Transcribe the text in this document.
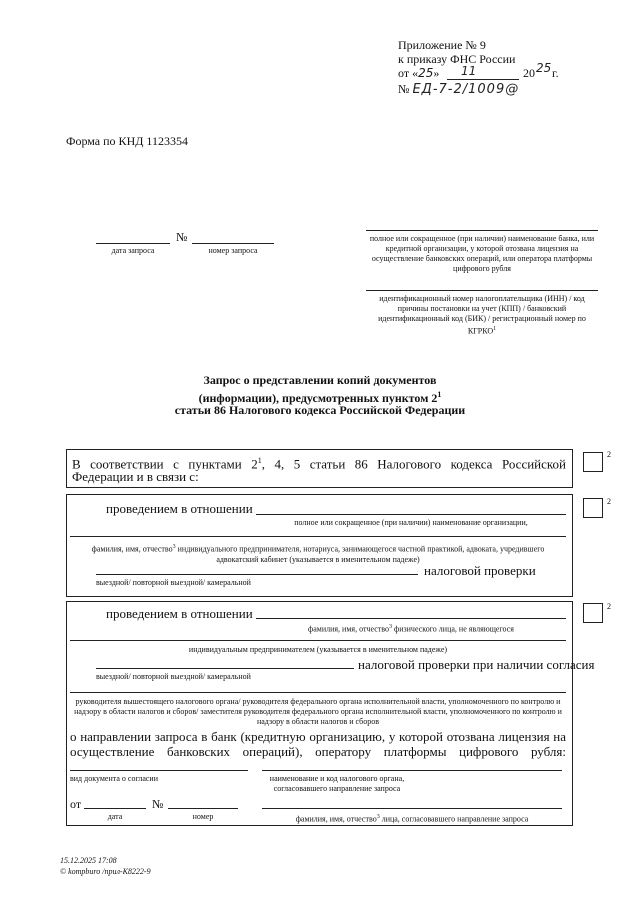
Приложение № 9
к приказу ФНС России
от «25» 11	20 25 г.
№ ЕД-7-2/1009@
Форма по КНД 1123354
№
дата запроса	номер запроса
полное или сокращенное (при наличии) наименование банка, или кредитной организации, у которой отозвана лицензия на осуществление банковских операций, или оператора платформы цифрового рубля
идентификационный номер налогоплательщика (ИНН) / код причины постановки на учет (КПП) / банковский идентификационный код (БИК) / регистрационный номер по КГРКО$^1$
Запрос о представлении копий документов
(информации), предусмотренных пунктом $2^1$
статьи 86 Налогового кодекса Российской Федерации
В соответствии с пунктами $2^1$, 4, 5 статьи 86 Налогового кодекса Российской
Федерации и в связи с:
2
проведением в отношении
полное или сокращенное (при наличии) наименование организации,
фамилия, имя, отчество$^3$ индивидуального предпринимателя, нотариуса, занимающегося частной практикой, адвоката, учредившего адвокатский кабинет (указывается в именительном падеже)
налоговой проверки
выездной/ повторной выездной/ камеральной
2
проведением в отношении
фамилия, имя, отчество$^3$ физического лица, не являющегося
индивидуальным предпринимателем (указывается в именительном падеже)
налоговой проверки при наличии согласия
выездной/ повторной выездной/ камеральной
руководителя вышестоящего налогового органа/ руководителя федерального органа исполнительной власти, уполномоченного по контролю и надзору в области налогов и сборов/ заместителя руководителя федерального органа исполнительной власти, уполномоченного по контролю и надзору в области налогов и сборов
о направлении запроса в банк (кредитную организацию, у которой отозвана лицензия на
осуществление банковских операций), оператору платформы цифрового рубля:
вид документа о согласии	наименование и код налогового органа, согласовавшего направление запроса
от	№
дата	номер	фамилия, имя, отчество$^3$ лица, согласовавшего направление запроса
2
15.12.2025 17:08
© kompburo /npил-K8222-9
